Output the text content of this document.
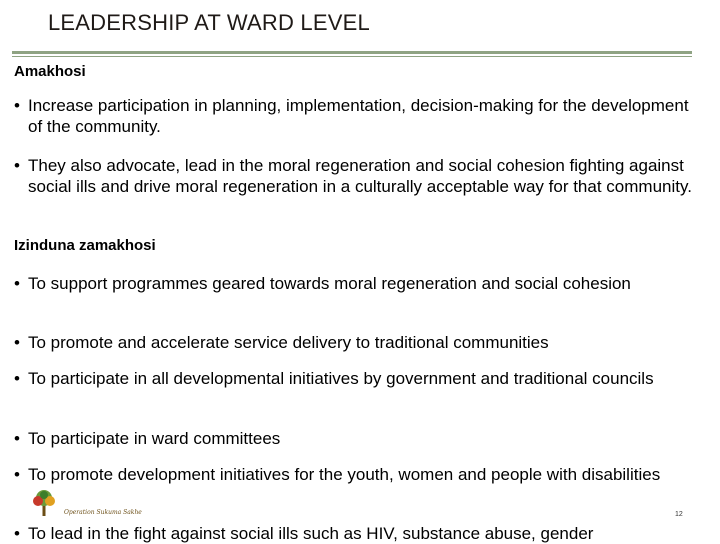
LEADERSHIP AT WARD LEVEL
Amakhosi
• Increase participation in planning, implementation, decision-making for the development of the community.
• They also advocate, lead in the moral regeneration and social cohesion fighting against social ills and drive moral regeneration in a culturally acceptable way for that community.
Izinduna zamakhosi
• To support programmes geared towards moral regeneration and social cohesion
• To promote and accelerate service delivery to traditional communities
• To participate in all developmental initiatives by government and traditional councils
• To participate in ward committees
• To promote development initiatives for the youth, women and people with disabilities
• To lead in the fight against social ills such as HIV, substance abuse, gender
Operation Sukuma Sakhe	12
